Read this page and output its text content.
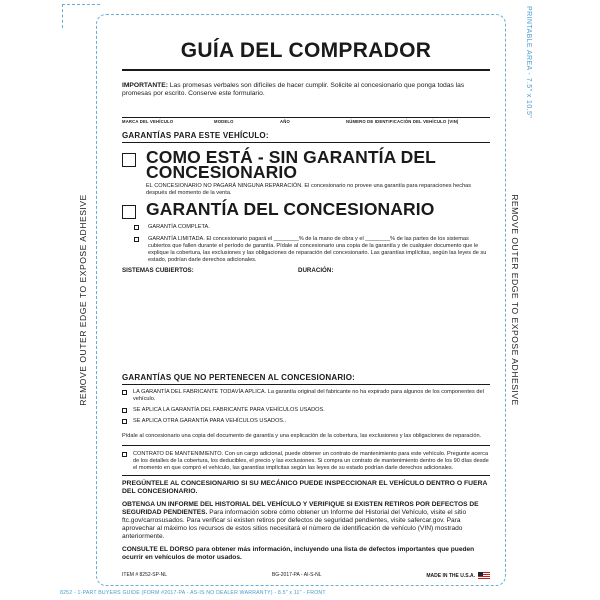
REMOVE OUTER EDGE TO EXPOSE ADHESIVE	REMOVE OUTER EDGE TO EXPOSE ADHESIVE
PRINTABLE AREA - 7.5" x 10.5"
GUÍA DEL COMPRADOR
IMPORTANTE: Las promesas verbales son difíciles de hacer cumplir. Solicite al concesionario que ponga todas las promesas por escrito. Conserve este formulario.
MARCA DEL VEHÍCULO	MODELO	AÑO	NÚMERO DE IDENTIFICACIÓN DEL VEHÍCULO (VIN)
GARANTÍAS PARA ESTE VEHÍCULO:
COMO ESTÁ - SIN GARANTÍA DEL CONCESIONARIO
EL CONCESIONARIO NO PAGARÁ NINGUNA REPARACIÓN. El concesionario no provee una garantía para reparaciones hechas después del momento de la venta.
GARANTÍA DEL CONCESIONARIO
GARANTÍA COMPLETA.
GARANTÍA LIMITADA. El concesionario pagará el ________% de la mano de obra y el ________% de las partes de los sistemas cubiertos que fallen durante el período de garantía. Pídale al concesionario una copia de la garantía y de cualquier documento que le explique la cobertura, las exclusiones y las obligaciones de reparación del concesionario. Las garantías implícitas, según las leyes de su estado, podrían darle derechos adicionales.
SISTEMAS CUBIERTOS:	DURACIÓN:
GARANTÍAS QUE NO PERTENECEN AL CONCESIONARIO:
LA GARANTÍA DEL FABRICANTE TODAVÍA APLICA. La garantía original del fabricante no ha expirado para algunos de los componentes del vehículo.
SE APLICA LA GARANTÍA DEL FABRICANTE PARA VEHÍCULOS USADOS.
SE APLICA OTRA GARANTÍA PARA VEHÍCULOS USADOS..
Pídale al concesionario una copia del documento de garantía y una explicación de la cobertura, las exclusiones y las obligaciones de reparación.
CONTRATO DE MANTENIMIENTO. Con un cargo adicional, puede obtener un contrato de mantenimiento para este vehículo. Pregunte acerca de los detalles de la cobertura, los deducibles, el precio y las exclusiones. Si compra un contrato de mantenimiento dentro de los 90 días desde el momento en que compró el vehículo, las garantías implícitas según las leyes de su estado podrían darle derechos adicionales.
PREGÚNTELE AL CONCESIONARIO SI SU MECÁNICO PUEDE INSPECCIONAR EL VEHÍCULO DENTRO O FUERA DEL CONCESIONARIO.
OBTENGA UN INFORME DEL HISTORIAL DEL VEHÍCULO Y VERIFIQUE SI EXISTEN RETIROS POR DEFECTOS DE SEGURIDAD PENDIENTES. Para información sobre cómo obtener un Informe del Historial del Vehículo, visite el sitio ftc.gov/carrosusados. Para verificar si existen retiros por defectos de seguridad pendientes, visite safercar.gov. Para aprovechar al máximo los recursos de estos sitios necesitará el número de identificación de vehículo (VIN) mostrado anteriormente.
CONSULTE EL DORSO para obtener más información, incluyendo una lista de defectos importantes que pueden ocurrir en vehículos de motor usados.
ITEM # 8252-SP-NL	BG-2017-PA - AI-S-NL	MADE IN THE U.S.A.
8252 - 1-PART BUYERS GUIDE (FORM #2017-PA - AS-IS NO DEALER WARRANTY) - 8.5" x 11" - FRONT
